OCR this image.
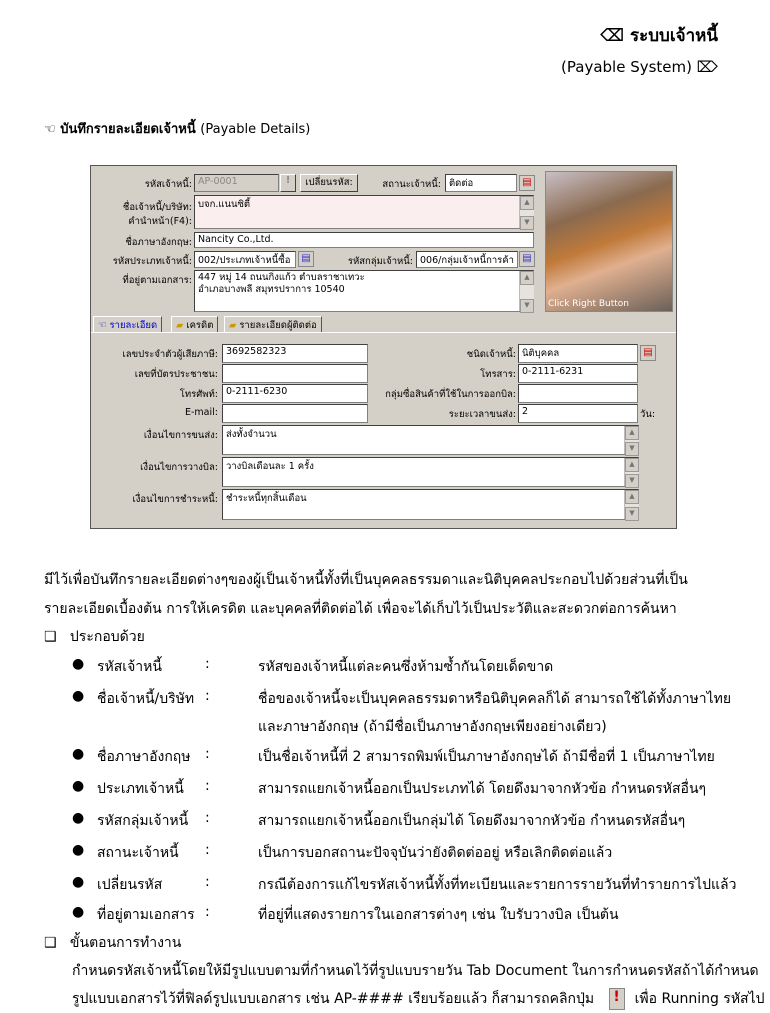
⌫ ระบบเจ้าหนี้
(Payable System) ⌦
☜ บันทึกรายละเอียดเจ้าหนี้ (Payable Details)
รหัสเจ้าหนี้: AP-0001	!	เปลี่ยนรหัส:	สถานะเจ้าหนี้: ติดต่อ	▤
ชื่อเจ้าหนี้/บริษัท:
คำนำหน้า(F4):
บจก.แนนซิตี้	▲
▼
ชื่อภาษาอังกฤษ: Nancity Co.,Ltd.
รหัสประเภทเจ้าหนี้: 002/ประเภทเจ้าหนี้ซื้อ	▤	รหัสกลุ่มเจ้าหนี้: 006/กลุ่มเจ้าหนี้การค้า ▤
ที่อยู่ตามเอกสาร: 447 หมู่ 14 ถนนกิ่งแก้ว ตำบลราชาเทวะ
อำเภอบางพลี สมุทรปราการ 10540
▲
▼	Click Right Button
☜ รายละเอียด	▰ เครดิต	▰ รายละเอียดผู้ติดต่อ
เลขประจำตัวผู้เสียภาษี: 3692582323
เลขที่บัตรประชาชน:
โทรศัพท์: 0-2111-6230
E-mail:
ชนิดเจ้าหนี้: นิติบุคคล	▤
โทรสาร: 0-2111-6231
กลุ่มซื่อสินค้าที่ใช้ในการออกบิล:
ระยะเวลาขนส่ง: 2	วัน:
เงื่อนไขการขนส่ง: ส่งทั้งจำนวน	▲
▼
เงื่อนไขการวางบิล: วางบิลเดือนละ 1 ครั้ง	▲
▼
เงื่อนไขการชำระหนี้: ชำระหนี้ทุกสิ้นเดือน	▲
▼
มีไว้เพื่อบันทึกรายละเอียดต่างๆของผู้เป็นเจ้าหนี้ทั้งที่เป็นบุคคลธรรมดาและนิติบุคคลประกอบไปด้วยส่วนที่เป็น
รายละเอียดเบื้องต้น การให้เครดิต และบุคคลที่ติดต่อได้ เพื่อจะได้เก็บไว้เป็นประวัติและสะดวกต่อการค้นหา
❑ ประกอบด้วย
● รหัสเจ้าหนี้	:	รหัสของเจ้าหนี้แต่ละคนซึ่งห้ามซ้ำกันโดยเด็ดขาด
● ชื่อเจ้าหนี้/บริษัท :	ชื่อของเจ้าหนี้จะเป็นบุคคลธรรมดาหรือนิติบุคคลก็ได้ สามารถใช้ได้ทั้งภาษาไทย
และภาษาอังกฤษ (ถ้ามีชื่อเป็นภาษาอังกฤษเพียงอย่างเดียว)
● ชื่อภาษาอังกฤษ :	เป็นชื่อเจ้าหนี้ที่ 2 สามารถพิมพ์เป็นภาษาอังกฤษได้ ถ้ามีชื่อที่ 1 เป็นภาษาไทย
● ประเภทเจ้าหนี้ :	สามารถแยกเจ้าหนี้ออกเป็นประเภทได้ โดยดึงมาจากหัวข้อ กำหนดรหัสอื่นๆ
● รหัสกลุ่มเจ้าหนี้ :	สามารถแยกเจ้าหนี้ออกเป็นกลุ่มได้ โดยดึงมาจากหัวข้อ กำหนดรหัสอื่นๆ
● สถานะเจ้าหนี้ :	เป็นการบอกสถานะปัจจุบันว่ายังติดต่ออยู่ หรือเลิกติดต่อแล้ว
● เปลี่ยนรหัส	:	กรณีต้องการแก้ไขรหัสเจ้าหนี้ทั้งที่ทะเบียนและรายการรายวันที่ทำรายการไปแล้ว
● ที่อยู่ตามเอกสาร :	ที่อยู่ที่แสดงรายการในเอกสารต่างๆ เช่น ใบรับวางบิล เป็นต้น
❑ ขั้นตอนการทำงาน
กำหนดรหัสเจ้าหนี้โดยให้มีรูปแบบตามที่กำหนดไว้ที่รูปแบบรายวัน Tab Document ในการกำหนดรหัสถ้าได้กำหนด
รูปแบบเอกสารไว้ที่ฟิลด์รูปแบบเอกสาร เช่น AP-#### เรียบร้อยแล้ว ก็สามารถคลิกปุ่ม ! เพื่อ Running รหัสไป
